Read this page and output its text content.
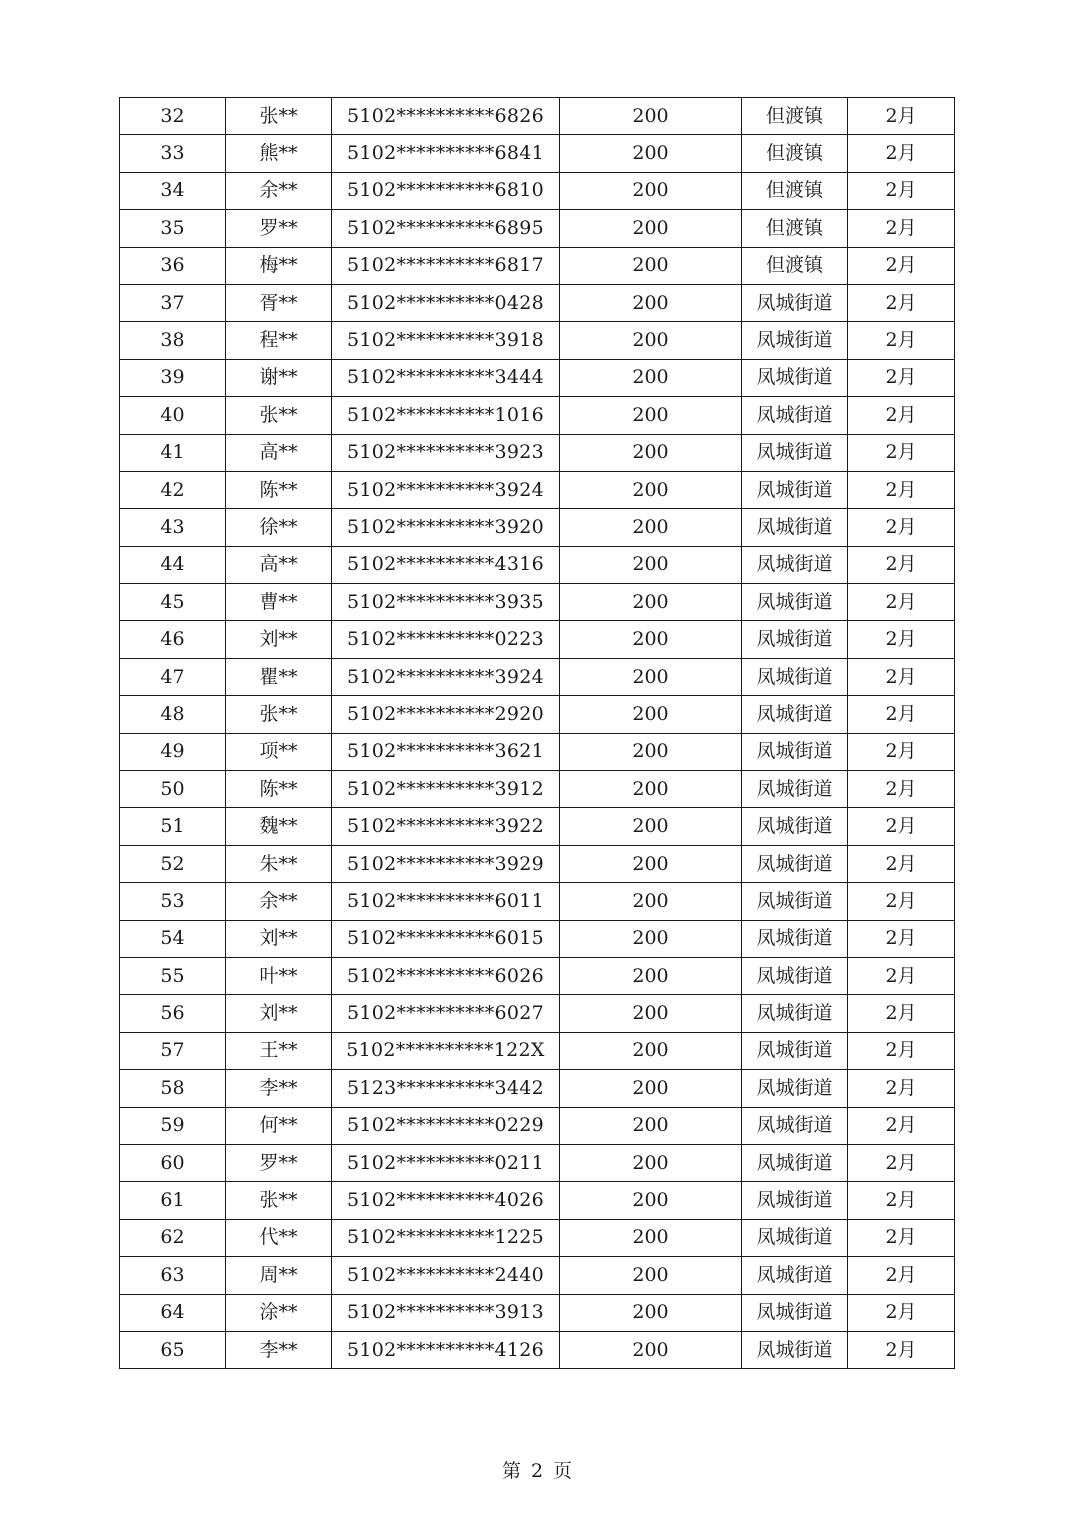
32	张**	5102**********6826	200	但渡镇	2月
33	熊**	5102**********6841	200	但渡镇	2月
34	余**	5102**********6810	200	但渡镇	2月
35	罗**	5102**********6895	200	但渡镇	2月
36	梅**	5102**********6817	200	但渡镇	2月
37	胥**	5102**********0428	200	凤城街道	2月
38	程**	5102**********3918	200	凤城街道	2月
39	谢**	5102**********3444	200	凤城街道	2月
40	张**	5102**********1016	200	凤城街道	2月
41	高**	5102**********3923	200	凤城街道	2月
42	陈**	5102**********3924	200	凤城街道	2月
43	徐**	5102**********3920	200	凤城街道	2月
44	高**	5102**********4316	200	凤城街道	2月
45	曹**	5102**********3935	200	凤城街道	2月
46	刘**	5102**********0223	200	凤城街道	2月
47	瞿**	5102**********3924	200	凤城街道	2月
48	张**	5102**********2920	200	凤城街道	2月
49	项**	5102**********3621	200	凤城街道	2月
50	陈**	5102**********3912	200	凤城街道	2月
51	魏**	5102**********3922	200	凤城街道	2月
52	朱**	5102**********3929	200	凤城街道	2月
53	余**	5102**********6011	200	凤城街道	2月
54	刘**	5102**********6015	200	凤城街道	2月
55	叶**	5102**********6026	200	凤城街道	2月
56	刘**	5102**********6027	200	凤城街道	2月
57	王**	5102**********122X	200	凤城街道	2月
58	李**	5123**********3442	200	凤城街道	2月
59	何**	5102**********0229	200	凤城街道	2月
60	罗**	5102**********0211	200	凤城街道	2月
61	张**	5102**********4026	200	凤城街道	2月
62	代**	5102**********1225	200	凤城街道	2月
63	周**	5102**********2440	200	凤城街道	2月
64	涂**	5102**********3913	200	凤城街道	2月
65	李**	5102**********4126	200	凤城街道	2月
第 2 页
